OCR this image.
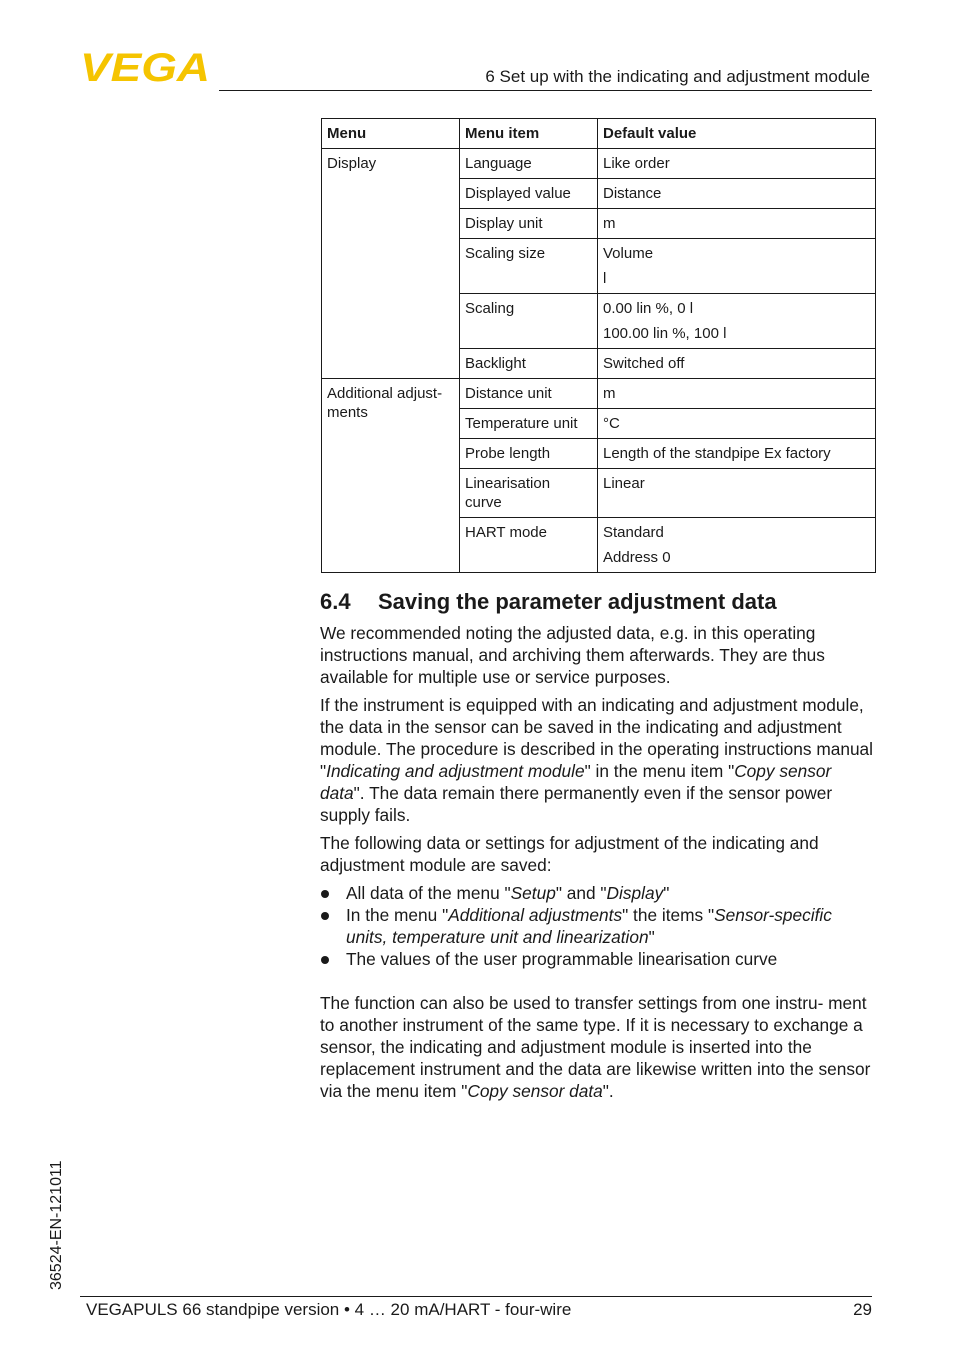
VEGA	6 Set up with the indicating and adjustment module
Menu	Menu item	Default value
Display	Language	Like order
	Displayed value	Distance
	Display unit	m
	Scaling size	Volume
l

	Scaling	0.00 lin %, 0 l
100.00 lin %, 100 l

	Backlight	Switched off
Additional adjust-
ments	Distance unit	m
	Temperature unit	°C
	Probe length	Length of the standpipe Ex factory
	Linearisation
curve	Linear
	HART mode	Standard
Address 0
6.4 Saving the parameter adjustment data

We recommended noting the adjusted data, e.g. in this operating instructions manual, and archiving them afterwards. They are thus available for multiple use or service purposes.

If the instrument is equipped with an indicating and adjustment module, the data in the sensor can be saved in the indicating and adjustment module. The procedure is described in the operating instructions manual "Indicating and adjustment module" in the menu item "Copy sensor data". The data remain there permanently even if the sensor power supply fails.

The following data or settings for adjustment of the indicating and adjustment module are saved:

All data of the menu "Setup" and "Display"
In the menu "Additional adjustments" the items "Sensor-specific units, temperature unit and linearization"
The values of the user programmable linearisation curve

The function can also be used to transfer settings from one instru- ment to another instrument of the same type. If it is necessary to exchange a sensor, the indicating and adjustment module is inserted into the replacement instrument and the data are likewise written into the sensor via the menu item "Copy sensor data".

36524-EN-121011
VEGAPULS 66 standpipe version • 4 … 20 mA/HART - four-wire	29
